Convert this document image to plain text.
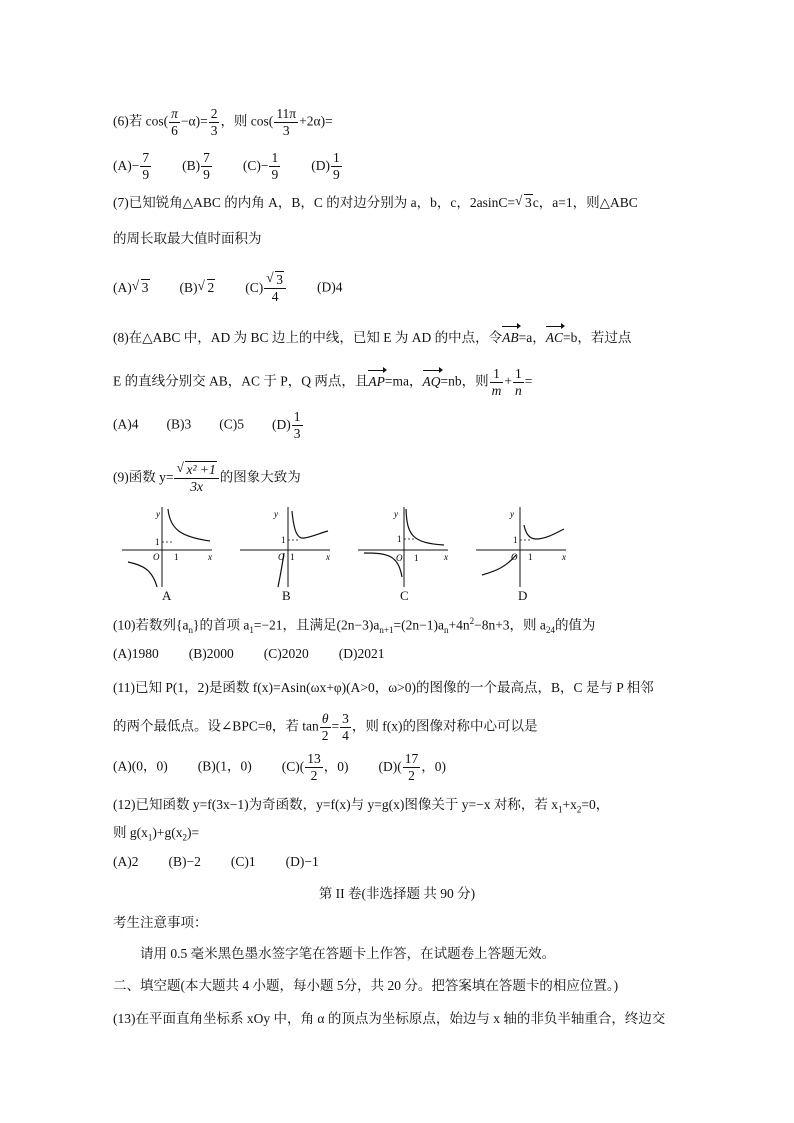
(6)若 $\cos( \frac{\pi}{6} -\alpha)= \frac{2}{3}$ ，则 $\cos( \frac{11\pi}{3} +2\alpha)=$
$(A)- \frac{7}{9} (B) \frac{7}{9} (C)- \frac{1}{9} (D) \frac{1}{9}$
(7)已知锐角△ABC 的内角 A，B，C 的对边分别为 a，b，c，2asinC= √ 3c，a=1，则△ABC
的周长取最大值时面积为
(A) √ 3 (B) √ 2 (C) √ $\frac{3}{4} (D)4$
(8)在△ABC 中，AD 为 BC 边上的中线，已知 E 为 AD 的中点，令AB=a，AC=b，若过点
E 的直线分别交 AB，AC 于 P，Q 两点，且AP=ma，AQ=nb，则 $\frac{1}{m} + \frac{1}{n}$ =
(A)4 (B)3 (C)5 $(D) \frac{1}{3}$
(9)函数 y= √ $\frac{\text{x² +1}}{3x}$ 的图象大致为
y
x
O 1
1
A
y
x
O 1
1
B
y
x
O 1
1
C
y
x
O 1
1
D
(10)若数列$\{a_n\}$的首项 $a_1=-21$，且满足$(2n-3)a_{n+1}=(2n-1)a_n+4n^2-8n+3$，则 $a_{24}$的值为
(A)1980 (B)2000 (C)2020 (D)2021
(11)已知 P(1，2)是函数 f(x)=Asin(ωx+φ)(A>0，ω>0)的图像的一个最高点，B，C 是与 P 相邻
的两个最低点。设∠BPC=θ，若 $\tan \frac{\theta}{2} = \frac{3}{4}$ ，则 f(x)的图像对称中心可以是
(A)(0，0) (B)(1，0) $(C)( \frac{13}{2}$ ，0) $(D)( \frac{17}{2}$ ，0)
(12)已知函数 y=f(3x−1)为奇函数，y=f(x)与 y=g(x)图像关于 y=−x 对称，若 $x_1+x_2=0$，
则 $g(x_1)+g(x_2)=$
(A)2 (B)−2 (C)1 (D)−1
第 II 卷(非选择题 共 90 分)
考生注意事项：
请用 0.5 毫米黑色墨水签字笔在答题卡上作答，在试题卷上答题无效。
二、填空题(本大题共 4 小题，每小题 5分，共 20 分。把答案填在答题卡的相应位置。)
(13)在平面直角坐标系 xOy 中，角 α 的顶点为坐标原点，始边与 x 轴的非负半轴重合，终边交
